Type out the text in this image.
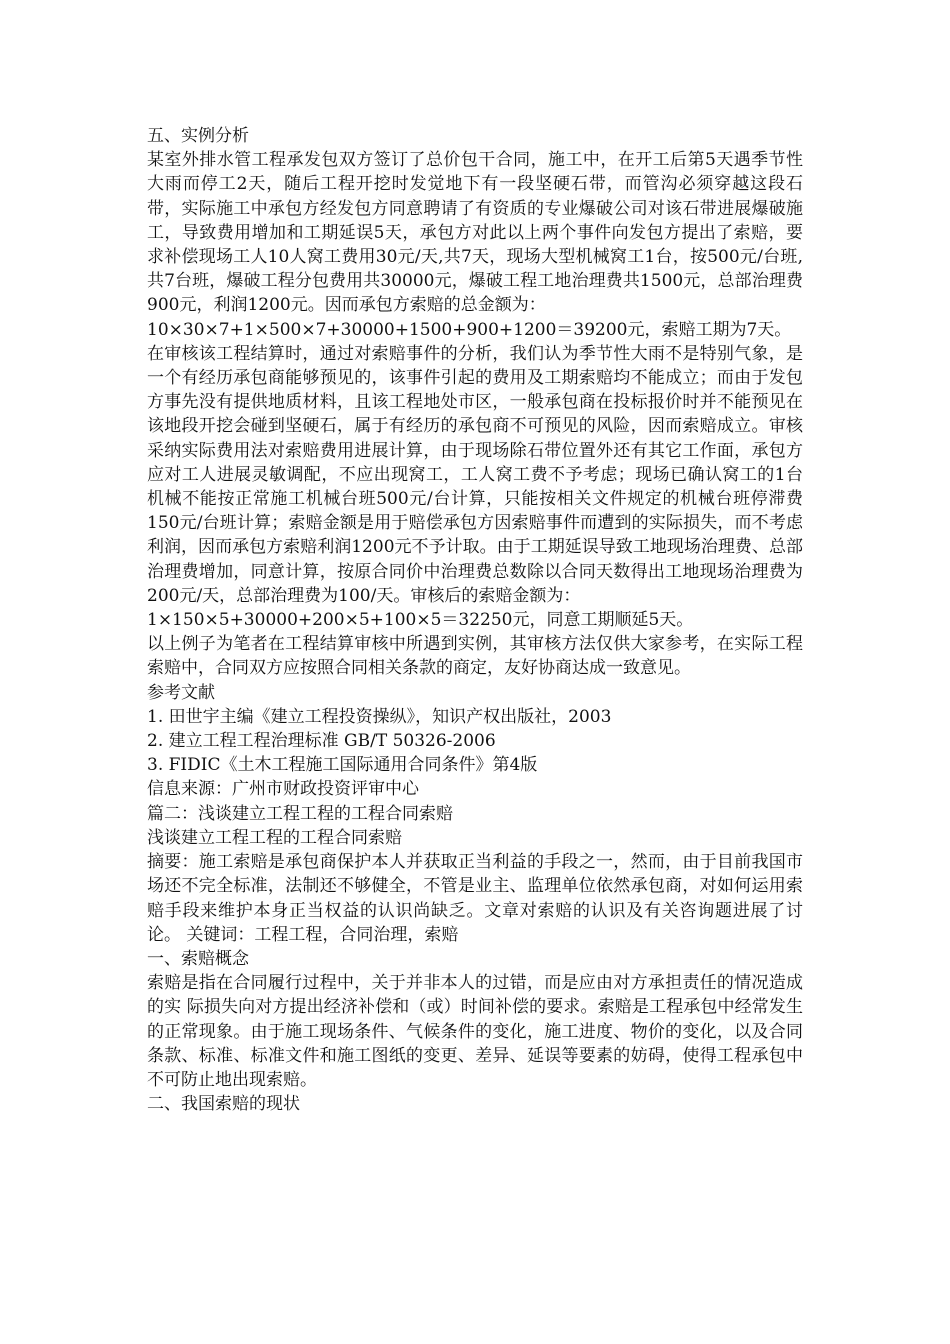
五、实例分析

某室外排水管工程承发包双方签订了总价包干合同，施工中，在开工后第5天遇季节性大雨而停工2天，随后工程开挖时发觉地下有一段坚硬石带，而管沟必须穿越这段石带，实际施工中承包方经发包方同意聘请了有资质的专业爆破公司对该石带进展爆破施工，导致费用增加和工期延误5天，承包方对此以上两个事件向发包方提出了索赔，要求补偿现场工人10人窝工费用30元/天,共7天，现场大型机械窝工1台，按500元/台班,共7台班，爆破工程分包费用共30000元，爆破工程工地治理费共1500元，总部治理费900元，利润1200元。因而承包方索赔的总金额为：

10×30×7+1×500×7+30000+1500+900+1200＝39200元，索赔工期为7天。

在审核该工程结算时，通过对索赔事件的分析，我们认为季节性大雨不是特别气象，是一个有经历承包商能够预见的，该事件引起的费用及工期索赔均不能成立；而由于发包方事先没有提供地质材料，且该工程地处市区，一般承包商在投标报价时并不能预见在该地段开挖会碰到坚硬石，属于有经历的承包商不可预见的风险，因而索赔成立。审核采纳实际费用法对索赔费用进展计算，由于现场除石带位置外还有其它工作面，承包方应对工人进展灵敏调配，不应出现窝工，工人窝工费不予考虑；现场已确认窝工的1台机械不能按正常施工机械台班500元/台计算，只能按相关文件规定的机械台班停滞费150元/台班计算；索赔金额是用于赔偿承包方因索赔事件而遭到的实际损失，而不考虑利润，因而承包方索赔利润1200元不予计取。由于工期延误导致工地现场治理费、总部治理费增加，同意计算，按原合同价中治理费总数除以合同天数得出工地现场治理费为200元/天，总部治理费为100/天。审核后的索赔金额为：

1×150×5+30000+200×5+100×5＝32250元，同意工期顺延5天。

以上例子为笔者在工程结算审核中所遇到实例，其审核方法仅供大家参考，在实际工程索赔中，合同双方应按照合同相关条款的商定，友好协商达成一致意见。

参考文献

1. 田世宇主编《建立工程投资操纵》，知识产权出版社，2003

2. 建立工程工程治理标准 GB/T 50326-2006

3. FIDIC《土木工程施工国际通用合同条件》第4版

信息来源：广州市财政投资评审中心

篇二：浅谈建立工程工程的工程合同索赔

浅谈建立工程工程的工程合同索赔

摘要：施工索赔是承包商保护本人并获取正当利益的手段之一，然而，由于目前我国市场还不完全标准，法制还不够健全，不管是业主、监理单位依然承包商，对如何运用索赔手段来维护本身正当权益的认识尚缺乏。文章对索赔的认识及有关咨询题进展了讨论。 关键词：工程工程，合同治理，索赔

一、索赔概念

索赔是指在合同履行过程中，关于并非本人的过错，而是应由对方承担责任的情况造成的实 际损失向对方提出经济补偿和（或）时间补偿的要求。索赔是工程承包中经常发生的正常现象。由于施工现场条件、气候条件的变化，施工进度、物价的变化，以及合同条款、标准、标准文件和施工图纸的变更、差异、延误等要素的妨碍，使得工程承包中不可防止地出现索赔。

二、我国索赔的现状
